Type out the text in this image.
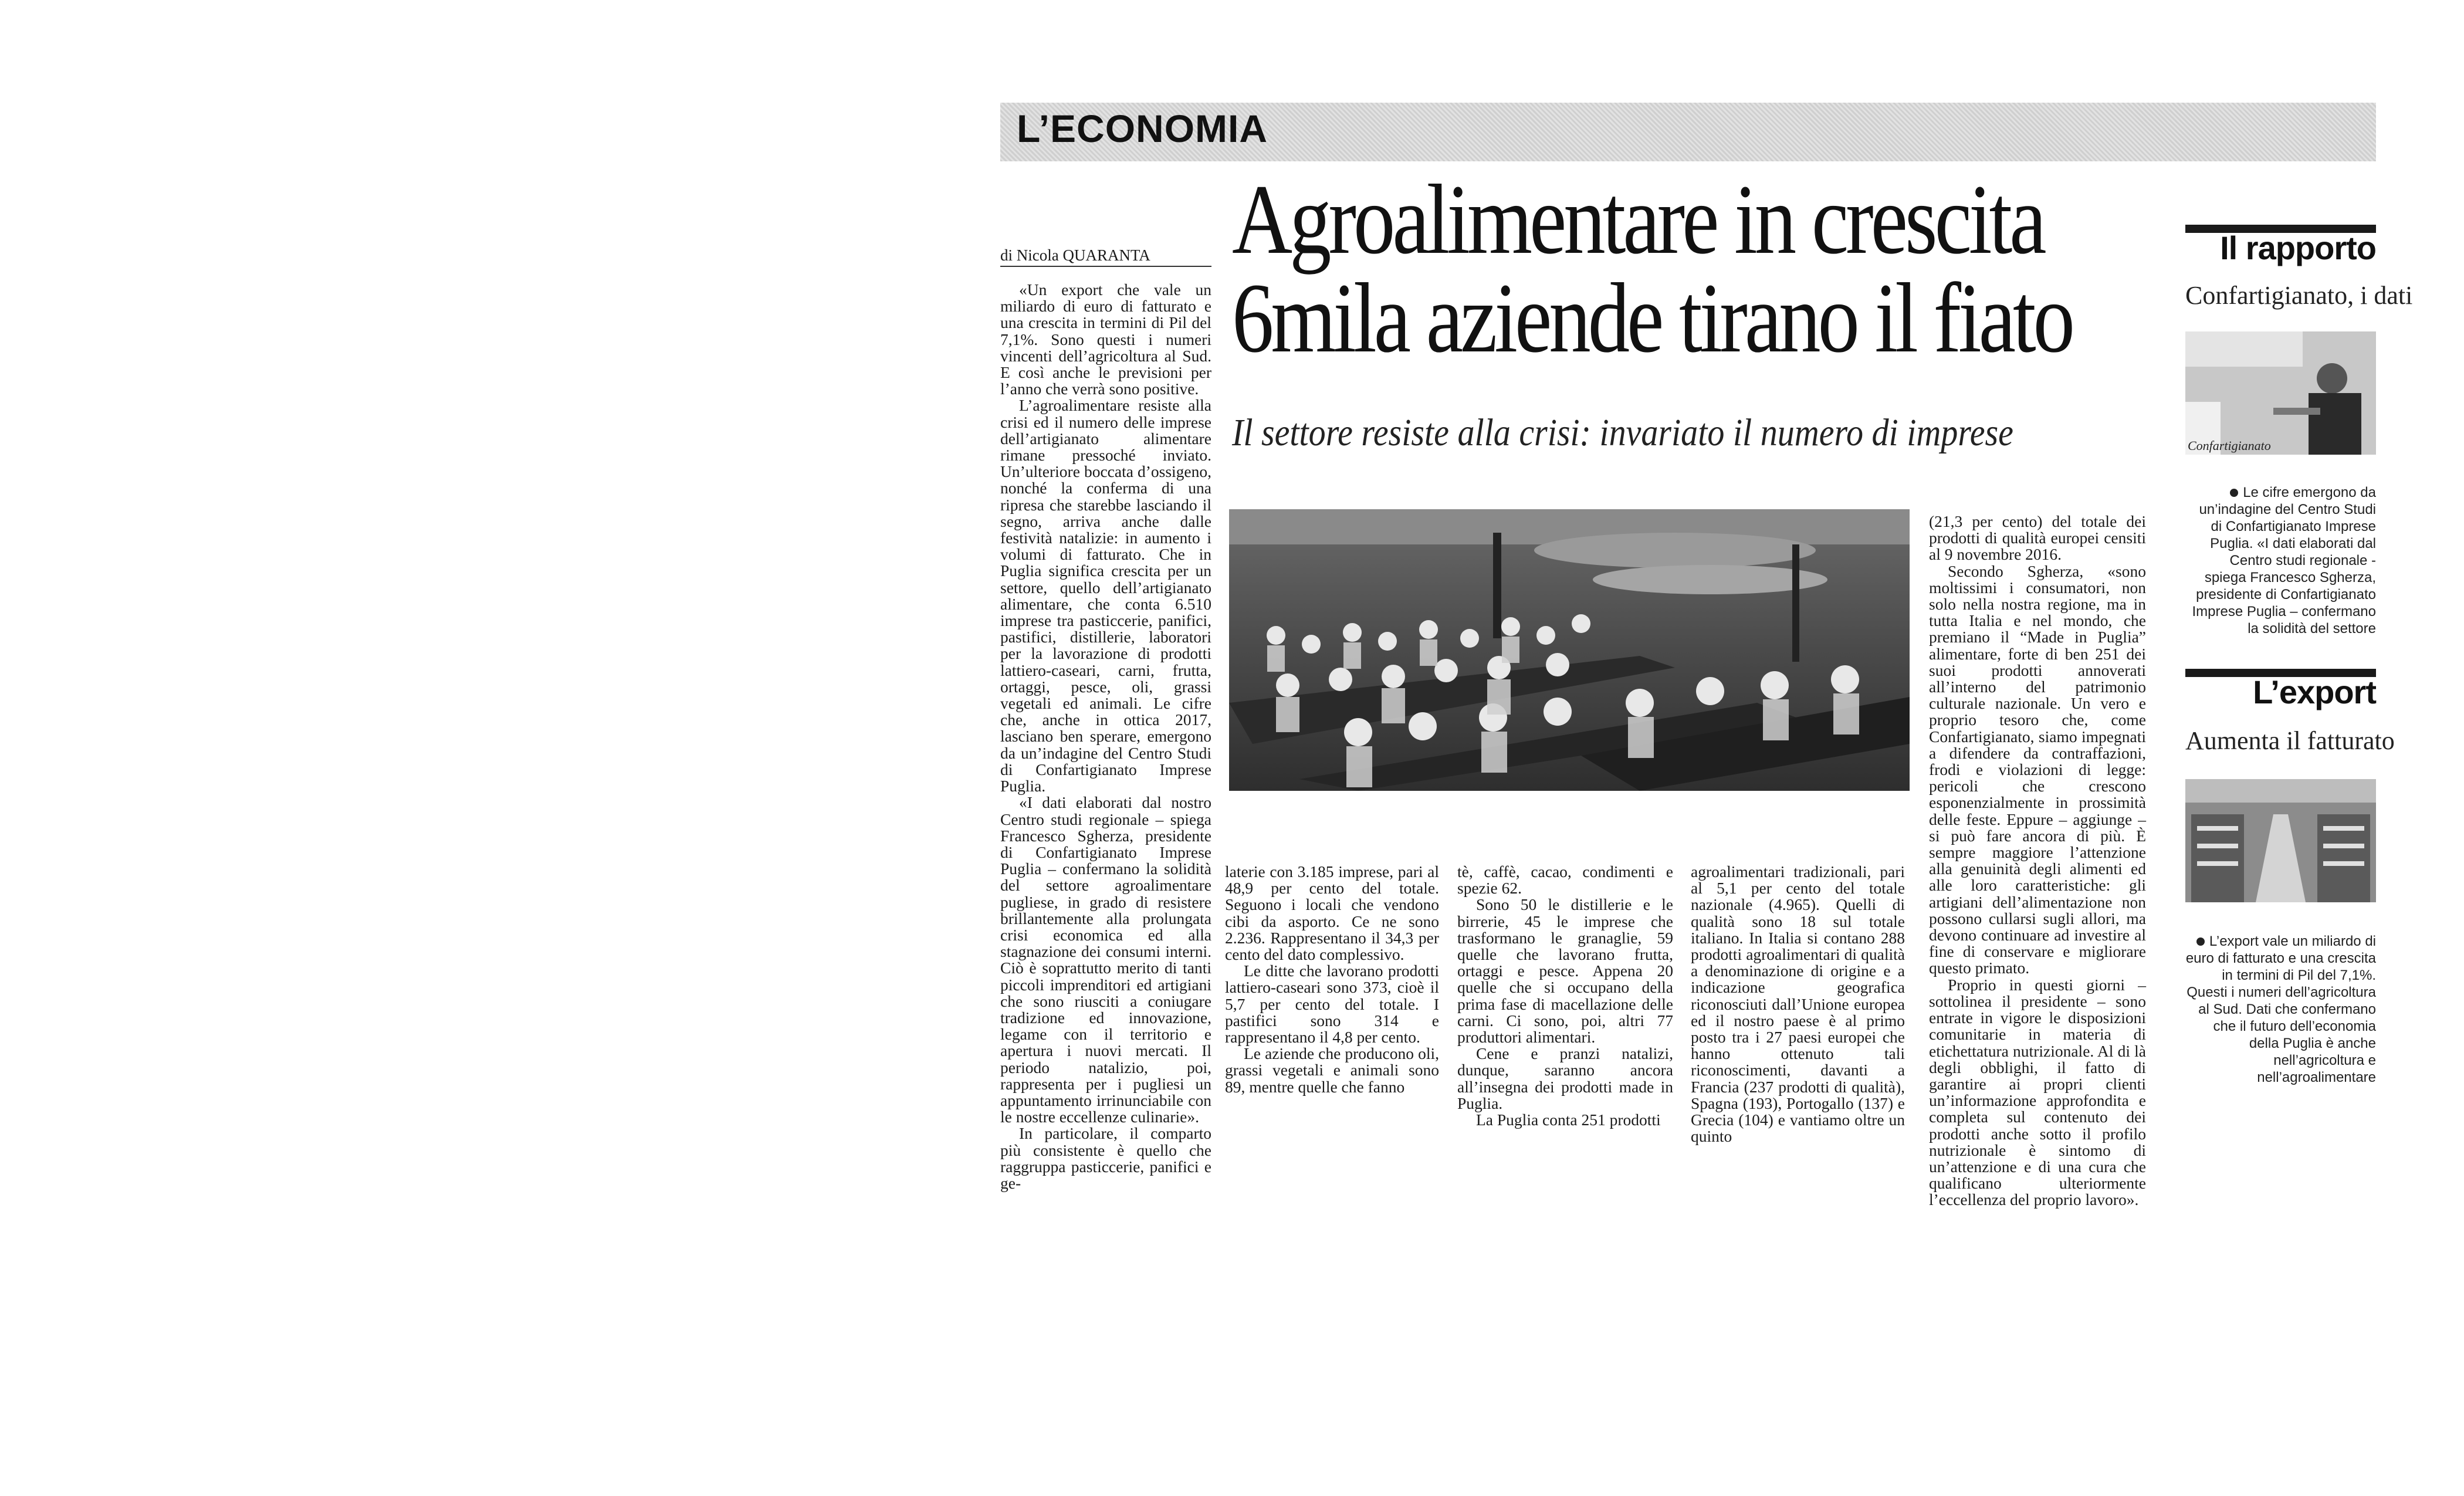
L’ECONOMIA
di Nicola QUARANTA Agroalimentare in crescita
6mila aziende tirano il fiato
Il settore resiste alla crisi: invariato il numero di imprese

«Un export che vale un miliardo di euro di fatturato e una crescita in termini di Pil del 7,1%. Sono questi i numeri vincenti dell’agricoltura al Sud. E così anche le previsioni per l’anno che verrà sono positive.

L’agroalimentare resiste alla crisi ed il numero delle imprese dell’artigianato alimentare rimane pressoché inviato. Un’ulteriore boccata d’ossigeno, nonché la conferma di una ripresa che starebbe lasciando il segno, arriva anche dalle festività natalizie: in aumento i volumi di fatturato. Che in Puglia significa crescita per un settore, quello dell’artigianato alimentare, che conta 6.510 imprese tra pasticcerie, panifici, pastifici, distillerie, laboratori per la lavorazione di prodotti lattiero-caseari, carni, frutta, ortaggi, pesce, oli, grassi vegetali ed animali. Le cifre che, anche in ottica 2017, lasciano ben sperare, emergono da un’indagine del Centro Studi di Confartigianato Imprese Puglia.

«I dati elaborati dal nostro Centro studi regionale – spiega Francesco Sgherza, presidente di Confartigianato Imprese Puglia – confermano la solidità del settore agroalimentare pugliese, in grado di resistere brillantemente alla prolungata crisi economica ed alla stagnazione dei consumi interni. Ciò è soprattutto merito di tanti piccoli imprenditori ed artigiani che sono riusciti a coniugare tradizione ed innovazione, legame con il territorio e apertura i nuovi mercati. Il periodo natalizio, poi, rappresenta per i pugliesi un appuntamento irrinunciabile con le nostre eccellenze culinarie».

In particolare, il comparto più consistente è quello che raggruppa pasticcerie, panifici e ge-

laterie con 3.185 imprese, pari al 48,9 per cento del totale. Seguono i locali che vendono cibi da asporto. Ce ne sono 2.236. Rappresentano il 34,3 per cento del dato complessivo.

Le ditte che lavorano prodotti lattiero-caseari sono 373, cioè il 5,7 per cento del totale. I pastifici sono 314 e rappresentano il 4,8 per cento.

Le aziende che producono oli, grassi vegetali e animali sono 89, mentre quelle che fanno

tè, caffè, cacao, condimenti e spezie 62.

Sono 50 le distillerie e le birrerie, 45 le imprese che trasformano le granaglie, 59 quelle che lavorano frutta, ortaggi e pesce. Appena 20 quelle che si occupano della prima fase di macellazione delle carni. Ci sono, poi, altri 77 produttori alimentari.

Cene e pranzi natalizi, dunque, saranno ancora all’insegna dei prodotti made in Puglia.

La Puglia conta 251 prodotti

agroalimentari tradizionali, pari al 5,1 per cento del totale nazionale (4.965). Quelli di qualità sono 18 sul totale italiano. In Italia si contano 288 prodotti agroalimentari di qualità a denominazione di origine e a indicazione geografica riconosciuti dall’Unione europea ed il nostro paese è al primo posto tra i 27 paesi europei che hanno ottenuto tali riconoscimenti, davanti a Francia (237 prodotti di qualità), Spagna (193), Portogallo (137) e Grecia (104) e vantiamo oltre un quinto

(21,3 per cento) del totale dei prodotti di qualità europei censiti al 9 novembre 2016.

Secondo Sgherza, «sono moltissimi i consumatori, non solo nella nostra regione, ma in tutta Italia e nel mondo, che premiano il “Made in Puglia” alimentare, forte di ben 251 dei suoi prodotti annoverati all’interno del patrimonio culturale nazionale. Un vero e proprio tesoro che, come Confartigianato, siamo impegnati a difendere da contraffazioni, frodi e violazioni di legge: pericoli che crescono esponenzialmente in prossimità delle feste. Eppure – aggiunge – si può fare ancora di più. È sempre maggiore l’attenzione alla genuinità degli alimenti ed alle loro caratteristiche: gli artigiani dell’alimentazione non possono cullarsi sugli allori, ma devono continuare ad investire al fine di conservare e migliorare questo primato.

Proprio in questi giorni – sottolinea il presidente – sono entrate in vigore le disposizioni comunitarie in materia di etichettatura nutrizionale. Al di là degli obblighi, il fatto di garantire ai propri clienti un’informazione approfondita e completa sul contenuto dei prodotti anche sotto il profilo nutrizionale è sintomo di un’attenzione e di una cura che qualificano ulteriormente l’eccellenza del proprio lavoro».

Il rapporto
Confartigianato, i dati
Confartigianato
Le cifre emergono da un’indagine del Centro Studi di Confartigianato Imprese Puglia. «I dati elaborati dal Centro studi regionale - spiega Francesco Sgherza, presidente di Confartigianato Imprese Puglia – confermano la solidità del settore
L’export
Aumenta il fatturato
L’export vale un miliardo di euro di fatturato e una crescita in termini di Pil del 7,1%. Questi i numeri dell’agricoltura al Sud. Dati che confermano che il futuro dell’economia della Puglia è anche nell’agricoltura e nell’agroalimentare
